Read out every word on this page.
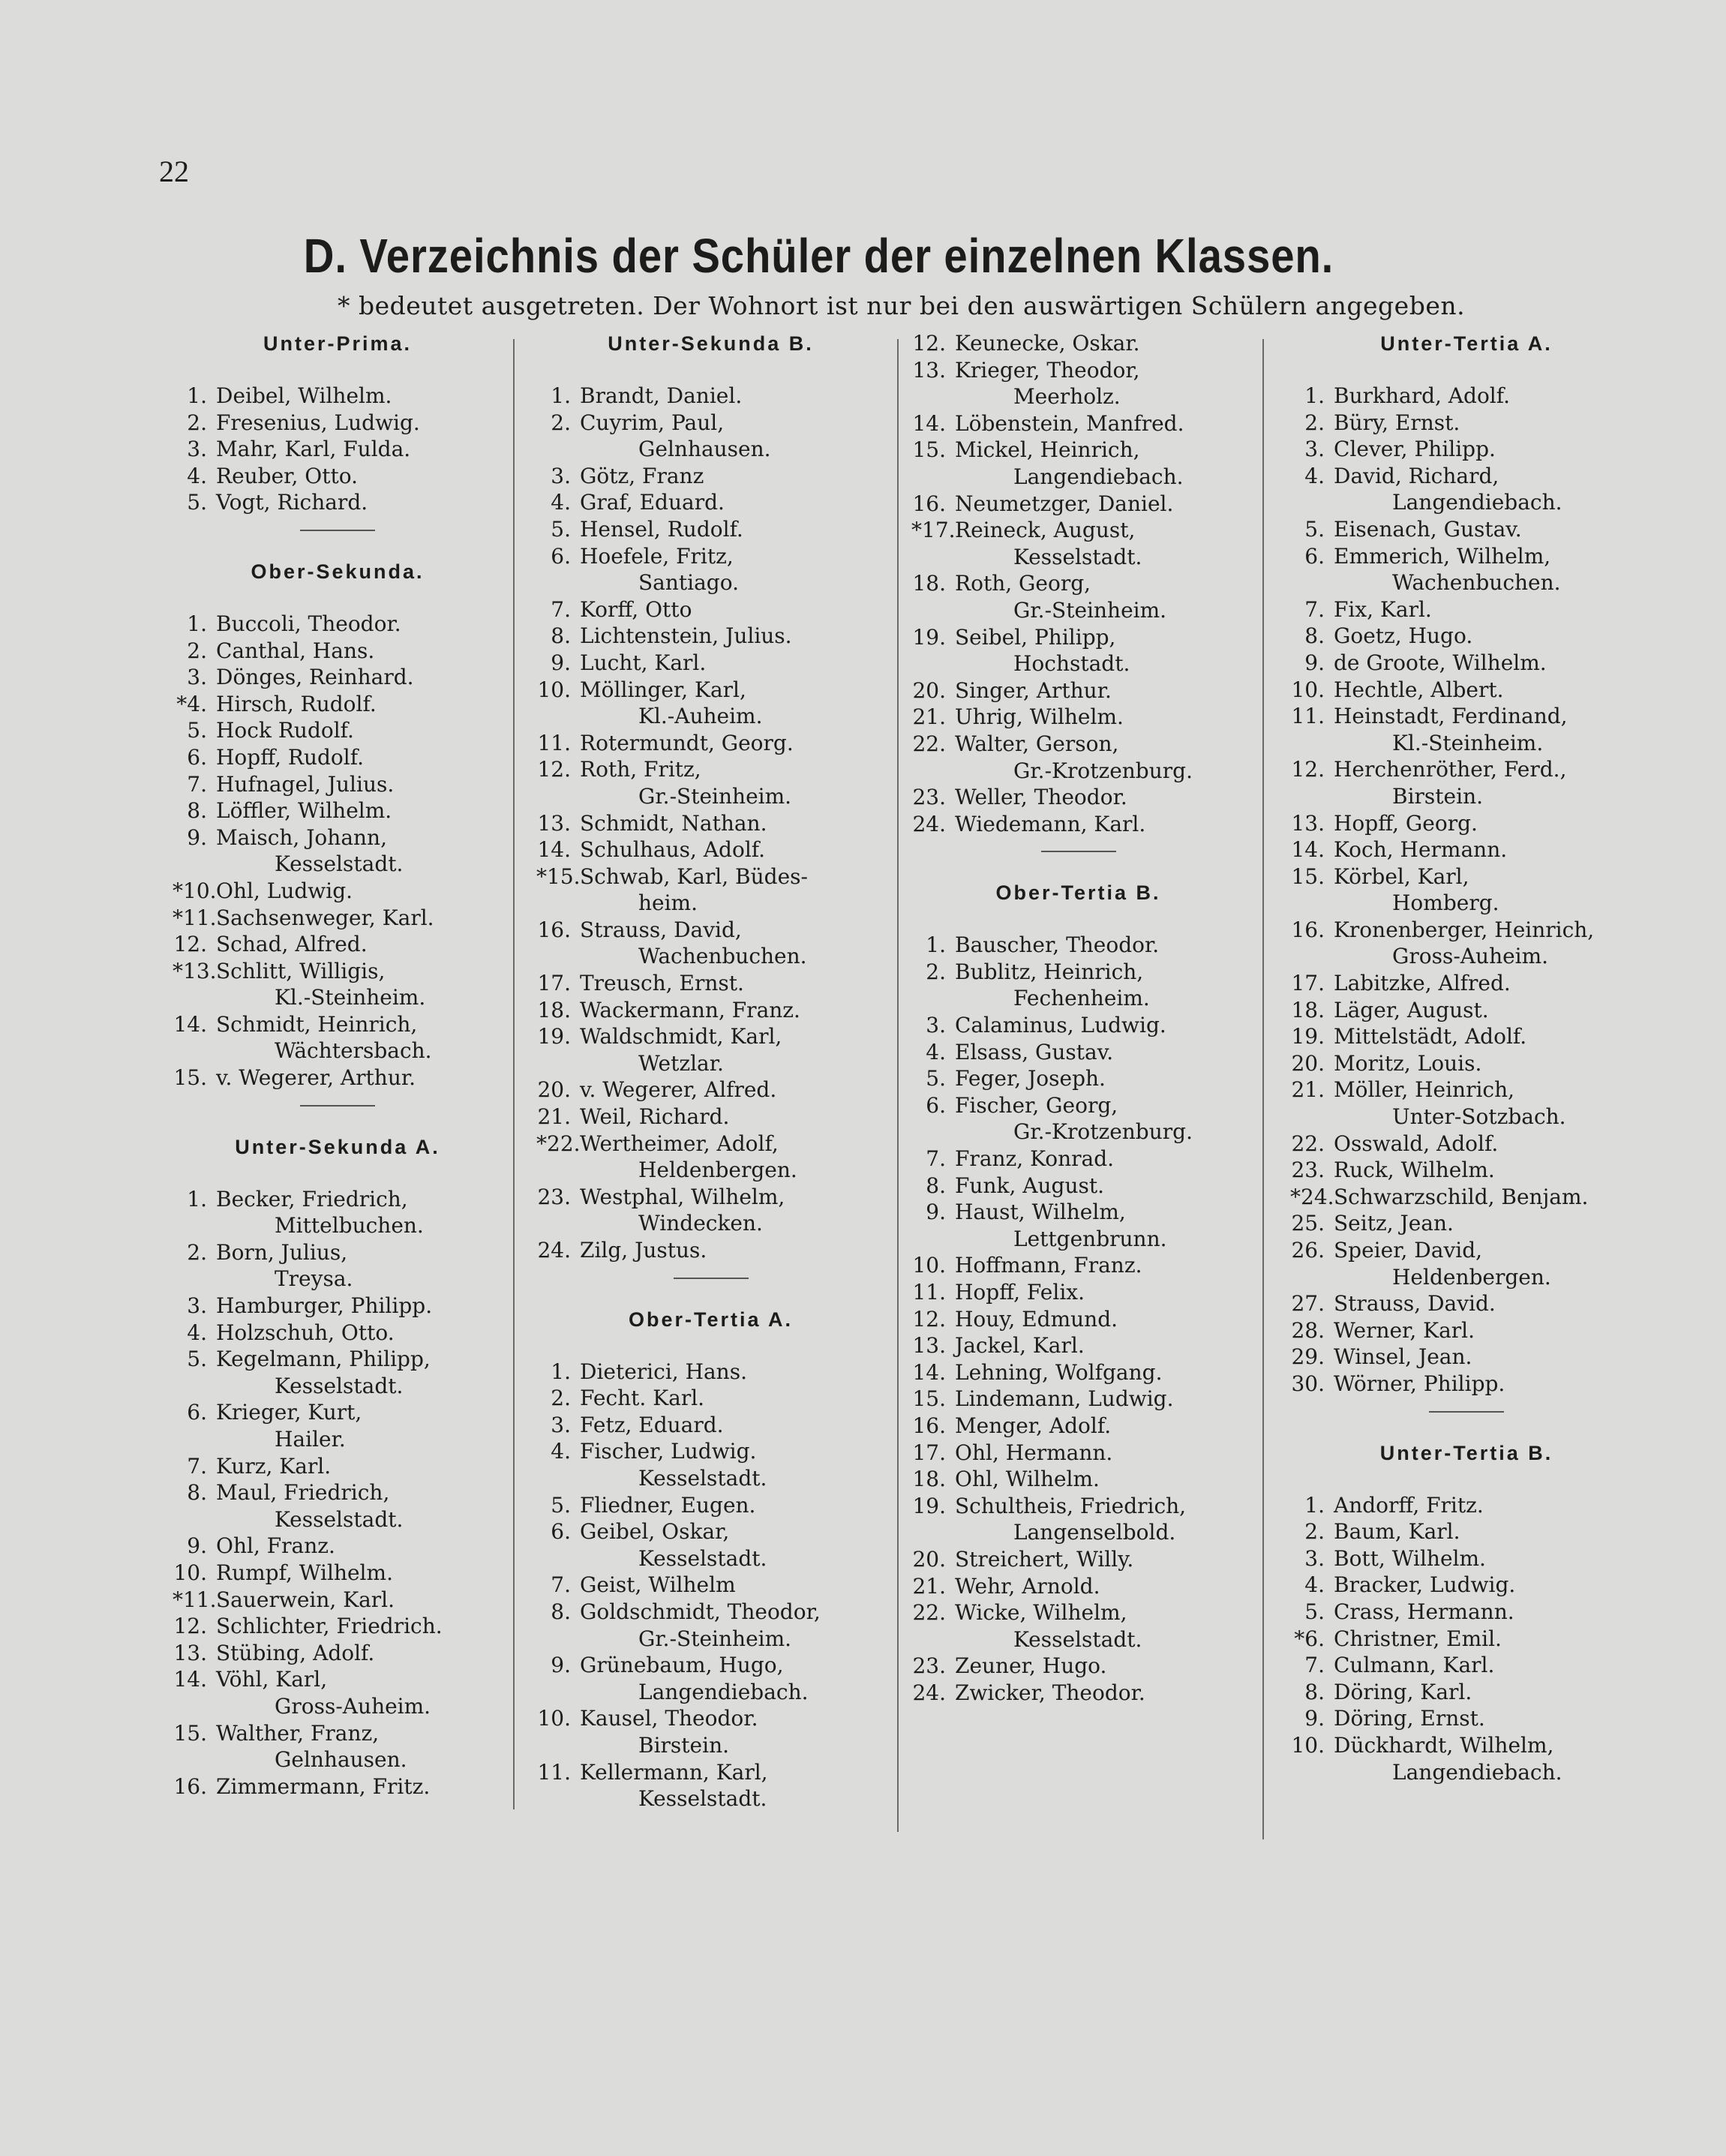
22
D. Verzeichnis der Schüler der einzelnen Klassen.
* bedeutet ausgetreten. Der Wohnort ist nur bei den auswärtigen Schülern angegeben.
Unter-Prima.
1. Deibel, Wilhelm.
2. Fresenius, Ludwig.
3. Mahr, Karl, Fulda.
4. Reuber, Otto.
5. Vogt, Richard.
Ober-Sekunda.
1. Buccoli, Theodor.
2. Canthal, Hans.
3. Dönges, Reinhard.
*4. Hirsch, Rudolf.
5. Hock Rudolf.
6. Hopff, Rudolf.
7. Hufnagel, Julius.
8. Löffler, Wilhelm.
9. Maisch, Johann,
Kesselstadt.
*10. Ohl, Ludwig.
*11. Sachsenweger, Karl.
12. Schad, Alfred.
*13. Schlitt, Willigis,
Kl.-Steinheim.
14. Schmidt, Heinrich,
Wächtersbach.
15. v. Wegerer, Arthur.
Unter-Sekunda A.
1. Becker, Friedrich,
Mittelbuchen.
2. Born, Julius,
Treysa.
3. Hamburger, Philipp.
4. Holzschuh, Otto.
5. Kegelmann, Philipp,
Kesselstadt.
6. Krieger, Kurt,
Hailer.
7. Kurz, Karl.
8. Maul, Friedrich,
Kesselstadt.
9. Ohl, Franz.
10. Rumpf, Wilhelm.
*11. Sauerwein, Karl.
12. Schlichter, Friedrich.
13. Stübing, Adolf.
14. Vöhl, Karl,
Gross-Auheim.
15. Walther, Franz,
Gelnhausen.
16. Zimmermann, Fritz.
Unter-Sekunda B.
1. Brandt, Daniel.
2. Cuyrim, Paul,
Gelnhausen.
3. Götz, Franz
4. Graf, Eduard.
5. Hensel, Rudolf.
6. Hoefele, Fritz,
Santiago.
7. Korff, Otto
8. Lichtenstein, Julius.
9. Lucht, Karl.
10. Möllinger, Karl,
Kl.-Auheim.
11. Rotermundt, Georg.
12. Roth, Fritz,
Gr.-Steinheim.
13. Schmidt, Nathan.
14. Schulhaus, Adolf.
*15. Schwab, Karl, Büdes-
heim.
16. Strauss, David,
Wachenbuchen.
17. Treusch, Ernst.
18. Wackermann, Franz.
19. Waldschmidt, Karl,
Wetzlar.
20. v. Wegerer, Alfred.
21. Weil, Richard.
*22. Wertheimer, Adolf,
Heldenbergen.
23. Westphal, Wilhelm,
Windecken.
24. Zilg, Justus.
Ober-Tertia A.
1. Dieterici, Hans.
2. Fecht. Karl.
3. Fetz, Eduard.
4. Fischer, Ludwig.
Kesselstadt.
5. Fliedner, Eugen.
6. Geibel, Oskar,
Kesselstadt.
7. Geist, Wilhelm
8. Goldschmidt, Theodor,
Gr.-Steinheim.
9. Grünebaum, Hugo,
Langendiebach.
10. Kausel, Theodor.
Birstein.
11. Kellermann, Karl,
Kesselstadt.
12. Keunecke, Oskar.
13. Krieger, Theodor,
Meerholz.
14. Löbenstein, Manfred.
15. Mickel, Heinrich,
Langendiebach.
16. Neumetzger, Daniel.
*17. Reineck, August,
Kesselstadt.
18. Roth, Georg,
Gr.-Steinheim.
19. Seibel, Philipp,
Hochstadt.
20. Singer, Arthur.
21. Uhrig, Wilhelm.
22. Walter, Gerson,
Gr.-Krotzenburg.
23. Weller, Theodor.
24. Wiedemann, Karl.
Ober-Tertia B.
1. Bauscher, Theodor.
2. Bublitz, Heinrich,
Fechenheim.
3. Calaminus, Ludwig.
4. Elsass, Gustav.
5. Feger, Joseph.
6. Fischer, Georg,
Gr.-Krotzenburg.
7. Franz, Konrad.
8. Funk, August.
9. Haust, Wilhelm,
Lettgenbrunn.
10. Hoffmann, Franz.
11. Hopff, Felix.
12. Houy, Edmund.
13. Jackel, Karl.
14. Lehning, Wolfgang.
15. Lindemann, Ludwig.
16. Menger, Adolf.
17. Ohl, Hermann.
18. Ohl, Wilhelm.
19. Schultheis, Friedrich,
Langenselbold.
20. Streichert, Willy.
21. Wehr, Arnold.
22. Wicke, Wilhelm,
Kesselstadt.
23. Zeuner, Hugo.
24. Zwicker, Theodor.
Unter-Tertia A.
1. Burkhard, Adolf.
2. Büry, Ernst.
3. Clever, Philipp.
4. David, Richard,
Langendiebach.
5. Eisenach, Gustav.
6. Emmerich, Wilhelm,
Wachenbuchen.
7. Fix, Karl.
8. Goetz, Hugo.
9. de Groote, Wilhelm.
10. Hechtle, Albert.
11. Heinstadt, Ferdinand,
Kl.-Steinheim.
12. Herchenröther, Ferd.,
Birstein.
13. Hopff, Georg.
14. Koch, Hermann.
15. Körbel, Karl,
Homberg.
16. Kronenberger, Heinrich,
Gross-Auheim.
17. Labitzke, Alfred.
18. Läger, August.
19. Mittelstädt, Adolf.
20. Moritz, Louis.
21. Möller, Heinrich,
Unter-Sotzbach.
22. Osswald, Adolf.
23. Ruck, Wilhelm.
*24. Schwarzschild, Benjam.
25. Seitz, Jean.
26. Speier, David,
Heldenbergen.
27. Strauss, David.
28. Werner, Karl.
29. Winsel, Jean.
30. Wörner, Philipp.
Unter-Tertia B.
1. Andorff, Fritz.
2. Baum, Karl.
3. Bott, Wilhelm.
4. Bracker, Ludwig.
5. Crass, Hermann.
*6. Christner, Emil.
7. Culmann, Karl.
8. Döring, Karl.
9. Döring, Ernst.
10. Dückhardt, Wilhelm,
Langendiebach.
